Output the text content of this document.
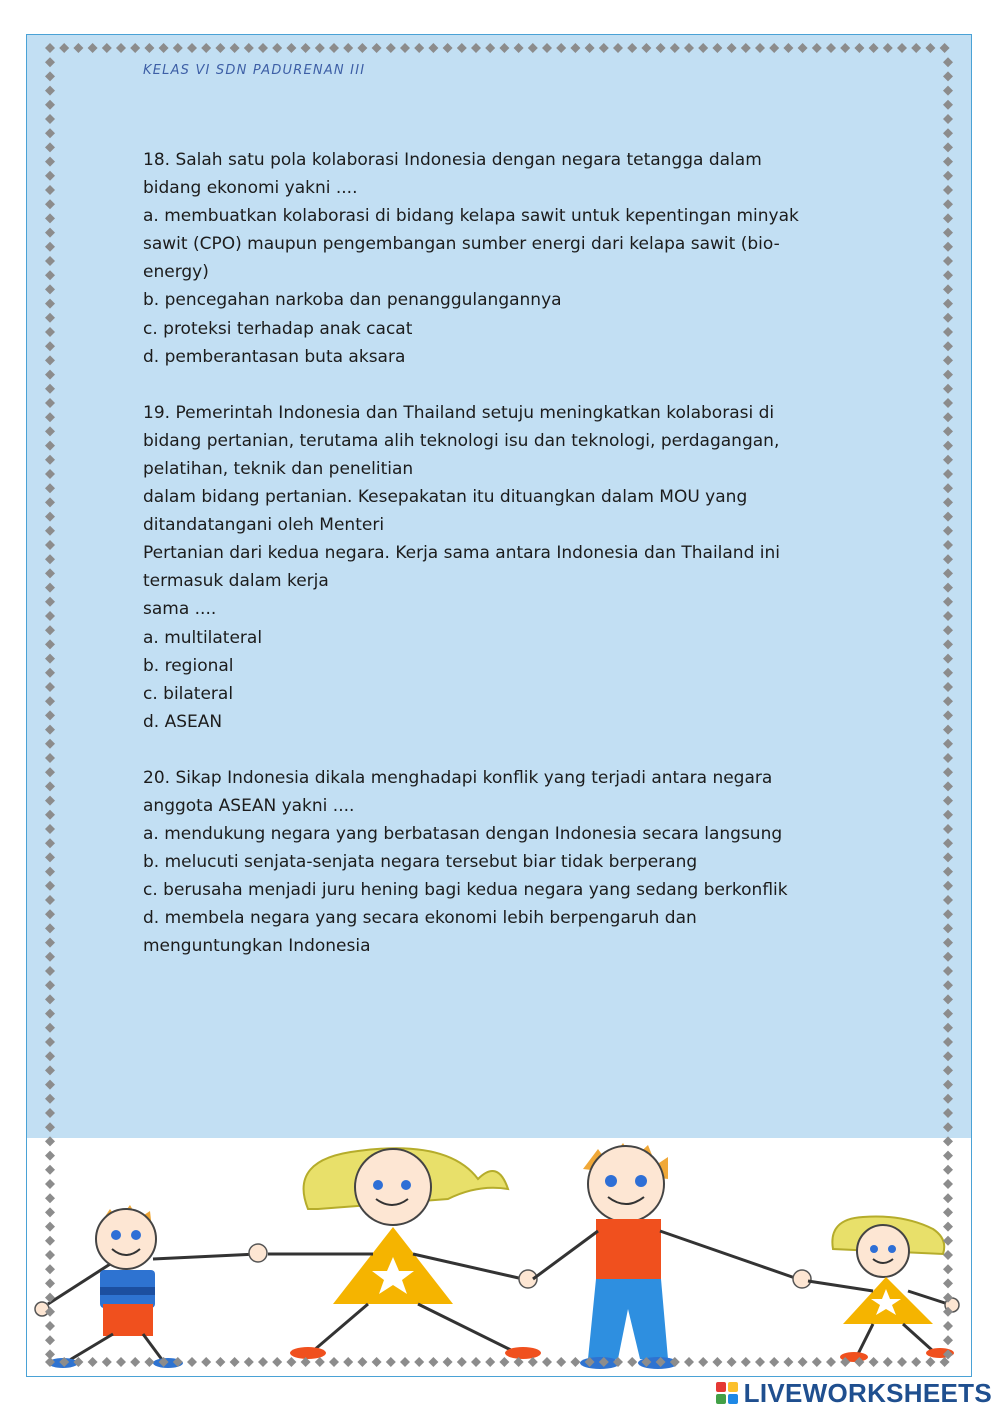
KELAS VI SDN PADURENAN III
18. Salah satu pola kolaborasi Indonesia dengan negara tetangga dalam
bidang ekonomi yakni ....
a. membuatkan kolaborasi di bidang kelapa sawit untuk kepentingan minyak
sawit (CPO) maupun pengembangan sumber energi dari kelapa sawit (bio-
energy)
b. pencegahan narkoba dan penanggulangannya
c. proteksi terhadap anak cacat
d. pemberantasan buta aksara
19. Pemerintah Indonesia dan Thailand setuju meningkatkan kolaborasi di
bidang pertanian, terutama alih teknologi isu dan teknologi, perdagangan,
pelatihan, teknik dan penelitian
dalam bidang pertanian. Kesepakatan itu dituangkan dalam MOU yang
ditandatangani oleh Menteri
Pertanian dari kedua negara. Kerja sama antara Indonesia dan Thailand ini
termasuk dalam kerja
sama ....
a. multilateral
b. regional
c. bilateral
d. ASEAN
20. Sikap Indonesia dikala menghadapi konflik yang terjadi antara negara
anggota ASEAN yakni ....
a. mendukung negara yang berbatasan dengan Indonesia secara langsung
b. melucuti senjata-senjata negara tersebut biar tidak berperang
c. berusaha menjadi juru hening bagi kedua negara yang sedang berkonflik
d. membela negara yang secara ekonomi lebih berpengaruh dan
menguntungkan Indonesia
LIVEWORKSHEETS
